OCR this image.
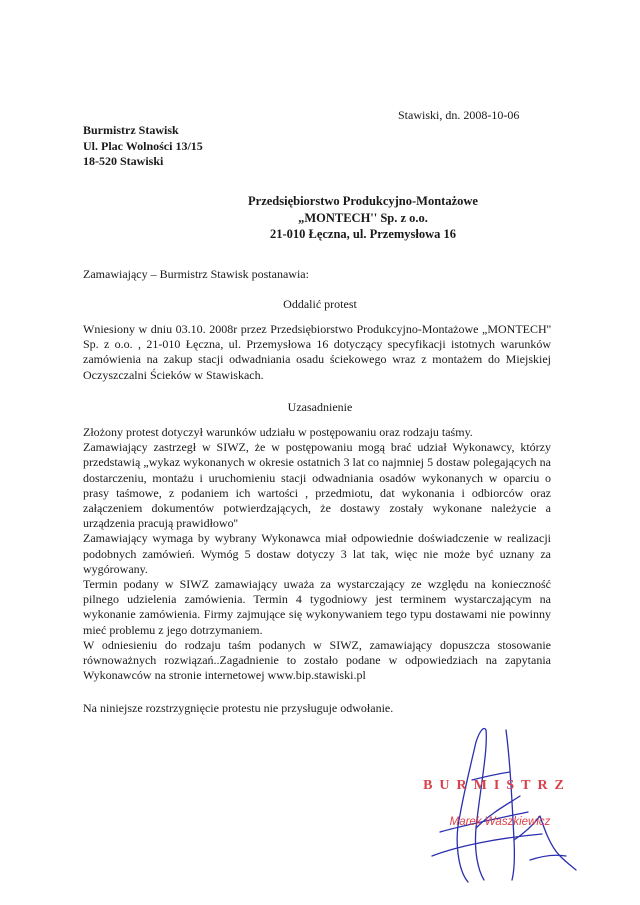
Stawiski, dn. 2008-10-06

Burmistrz Stawisk
Ul. Plac Wolności 13/15
18-520 Stawiski
Przedsiębiorstwo Produkcyjno-Montażowe
„MONTECH'' Sp. z o.o.
21-010 Łęczna, ul. Przemysłowa 16

Zamawiający – Burmistrz Stawisk postanawia:

Oddalić protest

Wniesiony w dniu 03.10. 2008r przez Przedsiębiorstwo Produkcyjno-Montażowe „MONTECH'' Sp. z o.o. , 21-010 Łęczna, ul. Przemysłowa 16 dotyczący specyfikacji istotnych warunków zamówienia na zakup stacji odwadniania osadu ściekowego wraz z montażem do Miejskiej Oczyszczalni Ścieków w Stawiskach.

Uzasadnienie

Złożony protest dotyczył warunków udziału w postępowaniu oraz rodzaju taśmy.
Zamawiający zastrzegł w SIWZ, że w postępowaniu mogą brać udział Wykonawcy, którzy przedstawią „wykaz wykonanych w okresie ostatnich 3 lat co najmniej 5 dostaw polegających na dostarczeniu, montażu i uruchomieniu stacji odwadniania osadów wykonanych w oparciu o prasy taśmowe, z podaniem ich wartości , przedmiotu, dat wykonania i odbiorców oraz załączeniem dokumentów potwierdzających, że dostawy zostały wykonane należycie a urządzenia pracują prawidłowo''
Zamawiający wymaga by wybrany Wykonawca miał odpowiednie doświadczenie w realizacji podobnych zamówień. Wymóg 5 dostaw dotyczy 3 lat tak, więc nie może być uznany za wygórowany.
Termin podany w SIWZ zamawiający uważa za wystarczający ze względu na konieczność pilnego udzielenia zamówienia. Termin 4 tygodniowy jest terminem wystarczającym na wykonanie zamówienia. Firmy zajmujące się wykonywaniem tego typu dostawami nie powinny mieć problemu z jego dotrzymaniem.
W odniesieniu do rodzaju taśm podanych w SIWZ, zamawiający dopuszcza stosowanie równoważnych rozwiązań..Zagadnienie to zostało podane w odpowiedziach na zapytania Wykonawców na stronie internetowej www.bip.stawiski.pl

Na niniejsze rozstrzygnięcie protestu nie przysługuje odwołanie.

BURMISTRZ
Marek Waszkiewicz
